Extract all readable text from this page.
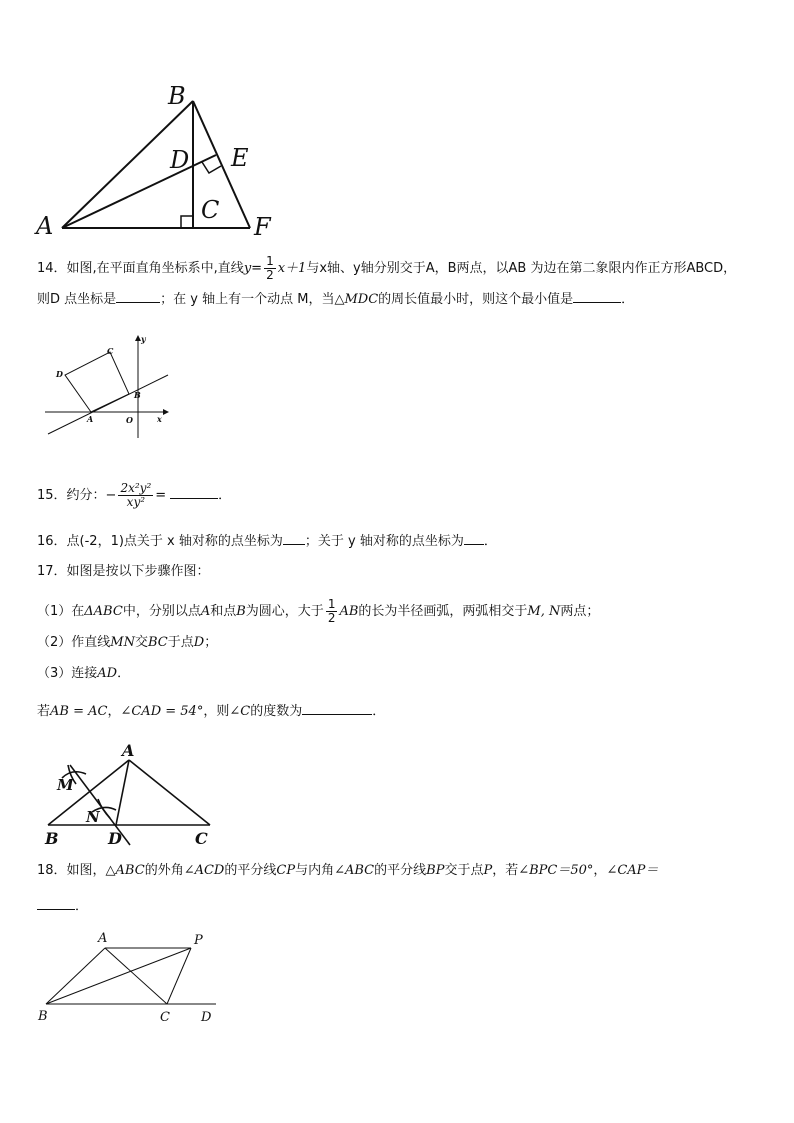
A
B
D E
C
F
14．如图,在平面直角坐标系中,直线$y= \frac{1}{2} x+1$与x轴、y轴分别交于A，B两点，以AB 为边在第二象限内作正方形ABCD，
则D 点坐标是	；在 y 轴上有一个动点 M，当△MDC的周长值最小时，则这个最小值是	．
D
C
B
A	O	x
y
15．约分：− $\frac{\text{2x²y²}}{\text{xy²}}$ =	．
16．点(-2，1)点关于 x 轴对称的点坐标为 ；关于 y 轴对称的点坐标为 ．
17．如图是按以下步骤作图：
（1）在ΔABC中，分别以点A和点B为圆心，大于 $\frac{1}{2}$ AB的长为半径画弧，两弧相交于M, N两点；
（2）作直线MN交BC于点D；
（3）连接AD．
若AB = AC，∠CAD = 54°，则∠C的度数为	．
A
M
N
B	D	C
18．如图，△ABC的外角∠ACD的平分线CP与内角∠ABC的平分线BP交于点P，若∠BPC＝50°，∠CAP＝
．
A	P
B	C D
